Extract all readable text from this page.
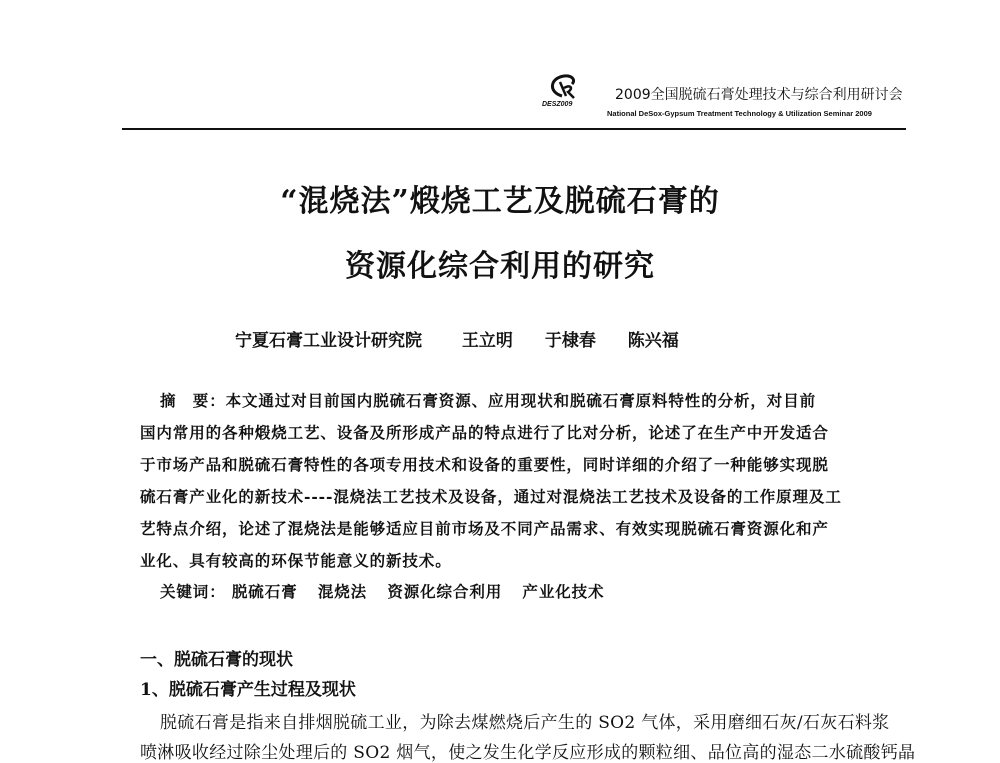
DESZ009
2009全国脱硫石膏处理技术与综合利用研讨会
National DeSox-Gypsum Treatment Technology & Utilization Seminar 2009
“混烧法”煅烧工艺及脱硫石膏的
资源化综合利用的研究
宁夏石膏工业设计研究院 王立明 于棣春 陈兴福
摘　要：本文通过对目前国内脱硫石膏资源、应用现状和脱硫石膏原料特性的分析，对目前
国内常用的各种煅烧工艺、设备及所形成产品的特点进行了比对分析，论述了在生产中开发适合
于市场产品和脱硫石膏特性的各项专用技术和设备的重要性，同时详细的介绍了一种能够实现脱
硫石膏产业化的新技术----混烧法工艺技术及设备，通过对混烧法工艺技术及设备的工作原理及工
艺特点介绍，论述了混烧法是能够适应目前市场及不同产品需求、有效实现脱硫石膏资源化和产
业化、具有较高的环保节能意义的新技术。
关键词： 脱硫石膏 混烧法 资源化综合利用 产业化技术
一、脱硫石膏的现状
1、脱硫石膏产生过程及现状
脱硫石膏是指来自排烟脱硫工业，为除去煤燃烧后产生的 SO2 气体，采用磨细石灰/石灰石料浆
喷淋吸收经过除尘处理后的 SO2 烟气，使之发生化学反应形成的颗粒细、品位高的湿态二水硫酸钙晶
